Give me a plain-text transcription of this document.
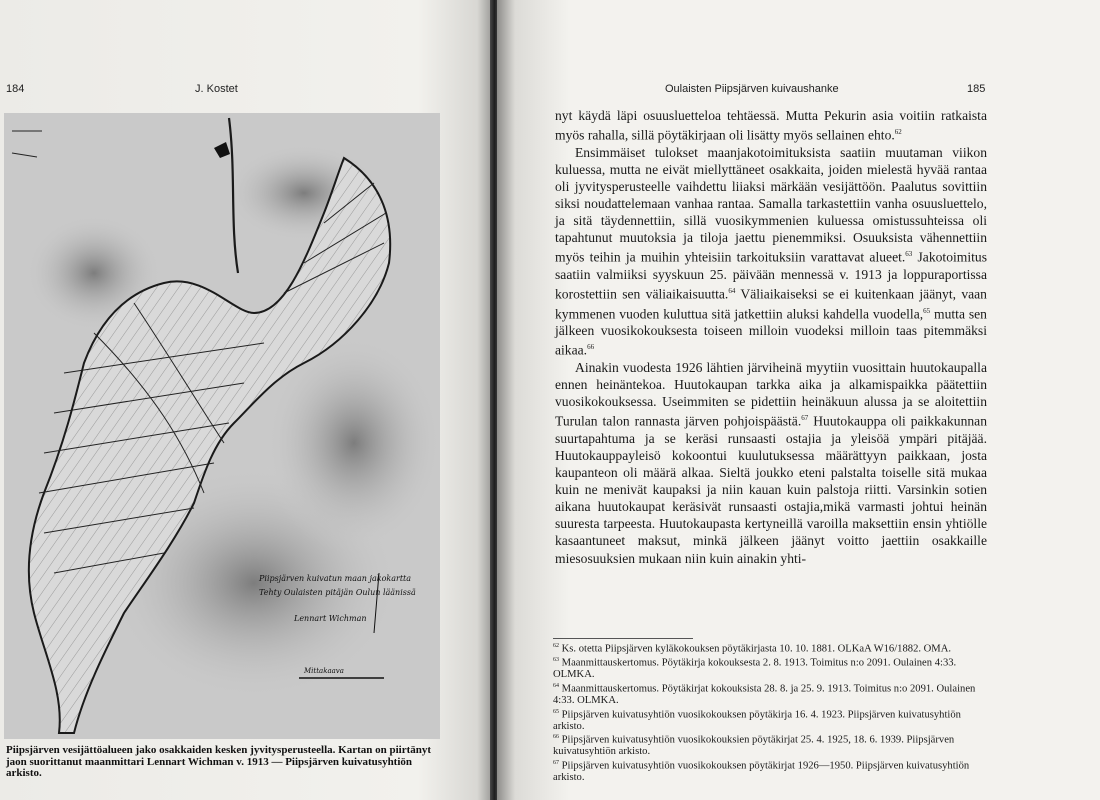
184	J. Kostet
Piipsjärven kuivatun maan jakokartta
Tehty Oulaisten pitäjän Oulun läänissä
Lennart Wichman
Mittakaava

Piipsjärven vesijättöalueen jako osakkaiden kesken jyvitysperusteella. Kartan on piirtänyt jaon suorittanut maanmittari Lennart Wichman v. 1913 — Piipsjärven kuivatusyhtiön arkisto.

Oulaisten Piipsjärven kuivaushanke	185

nyt käydä läpi osuusluetteloa tehtäessä. Mutta Pekurin asia voitiin ratkaista myös rahalla, sillä pöytäkirjaan oli lisätty myös sellainen ehto.$^{62}$

Ensimmäiset tulokset maanjakotoimituksista saatiin muutaman viikon kuluessa, mutta ne eivät miellyttäneet osakkaita, joiden mielestä hyvää rantaa oli jyvitysperusteelle vaihdettu liiaksi märkään vesijättöön. Paalutus sovittiin siksi noudattelemaan vanhaa rantaa. Samalla tarkastettiin vanha osuusluettelo, ja sitä täydennettiin, sillä vuosikymmenien kuluessa omistussuhteissa oli tapahtunut muutoksia ja tiloja jaettu pienemmiksi. Osuuksista vähennettiin myös teihin ja muihin yhteisiin tarkoituksiin varattavat alueet.$^{63}$ Jakotoimitus saatiin valmiiksi syyskuun 25. päivään mennessä v. 1913 ja loppuraportissa korostettiin sen väliaikaisuutta.$^{64}$ Väliaikaiseksi se ei kuitenkaan jäänyt, vaan kymmenen vuoden kuluttua sitä jatkettiin aluksi kahdella vuodella,$^{65}$ mutta sen jälkeen vuosikokouksesta toiseen milloin vuodeksi milloin taas pitemmäksi aikaa.$^{66}$

Ainakin vuodesta 1926 lähtien järviheinä myytiin vuosittain huutokaupalla ennen heinäntekoa. Huutokaupan tarkka aika ja alkamispaikka päätettiin vuosikokouksessa. Useimmiten se pidettiin heinäkuun alussa ja se aloitettiin Turulan talon rannasta järven pohjoispäästä.$^{67}$ Huutokauppa oli paikkakunnan suurtapahtuma ja se keräsi runsaasti ostajia ja yleisöä ympäri pitäjää. Huutokauppayleisö kokoontui kuulutuksessa määrättyyn paikkaan, josta kaupanteon oli määrä alkaa. Sieltä joukko eteni palstalta toiselle sitä mukaa kuin ne menivät kaupaksi ja niin kauan kuin palstoja riitti. Varsinkin sotien aikana huutokaupat keräsivät runsaasti ostajia,mikä varmasti johtui heinän suuresta tarpeesta. Huutokaupasta kertyneillä varoilla maksettiin ensin yhtiölle kasaantuneet maksut, minkä jälkeen jäänyt voitto jaettiin osakkaille miesosuuksien mukaan niin kuin ainakin yhti-

$^{62}$ Ks. otetta Piipsjärven kyläkokouksen pöytäkirjasta 10. 10. 1881. OLKaA W16/1882. OMA.

$^{63}$ Maanmittauskertomus. Pöytäkirja kokouksesta 2. 8. 1913. Toimitus n:o 2091. Oulainen 4:33. OLMKA.

$^{64}$ Maanmittauskertomus. Pöytäkirjat kokouksista 28. 8. ja 25. 9. 1913. Toimitus n:o 2091. Oulainen 4:33. OLMKA.

$^{65}$ Piipsjärven kuivatusyhtiön vuosikokouksen pöytäkirja 16. 4. 1923. Piipsjärven kuivatusyhtiön arkisto.

$^{66}$ Piipsjärven kuivatusyhtiön vuosikokouksien pöytäkirjat 25. 4. 1925, 18. 6. 1939. Piipsjärven kuivatusyhtiön arkisto.

$^{67}$ Piipsjärven kuivatusyhtiön vuosikokouksen pöytäkirjat 1926—1950. Piipsjärven kuivatusyhtiön arkisto.
